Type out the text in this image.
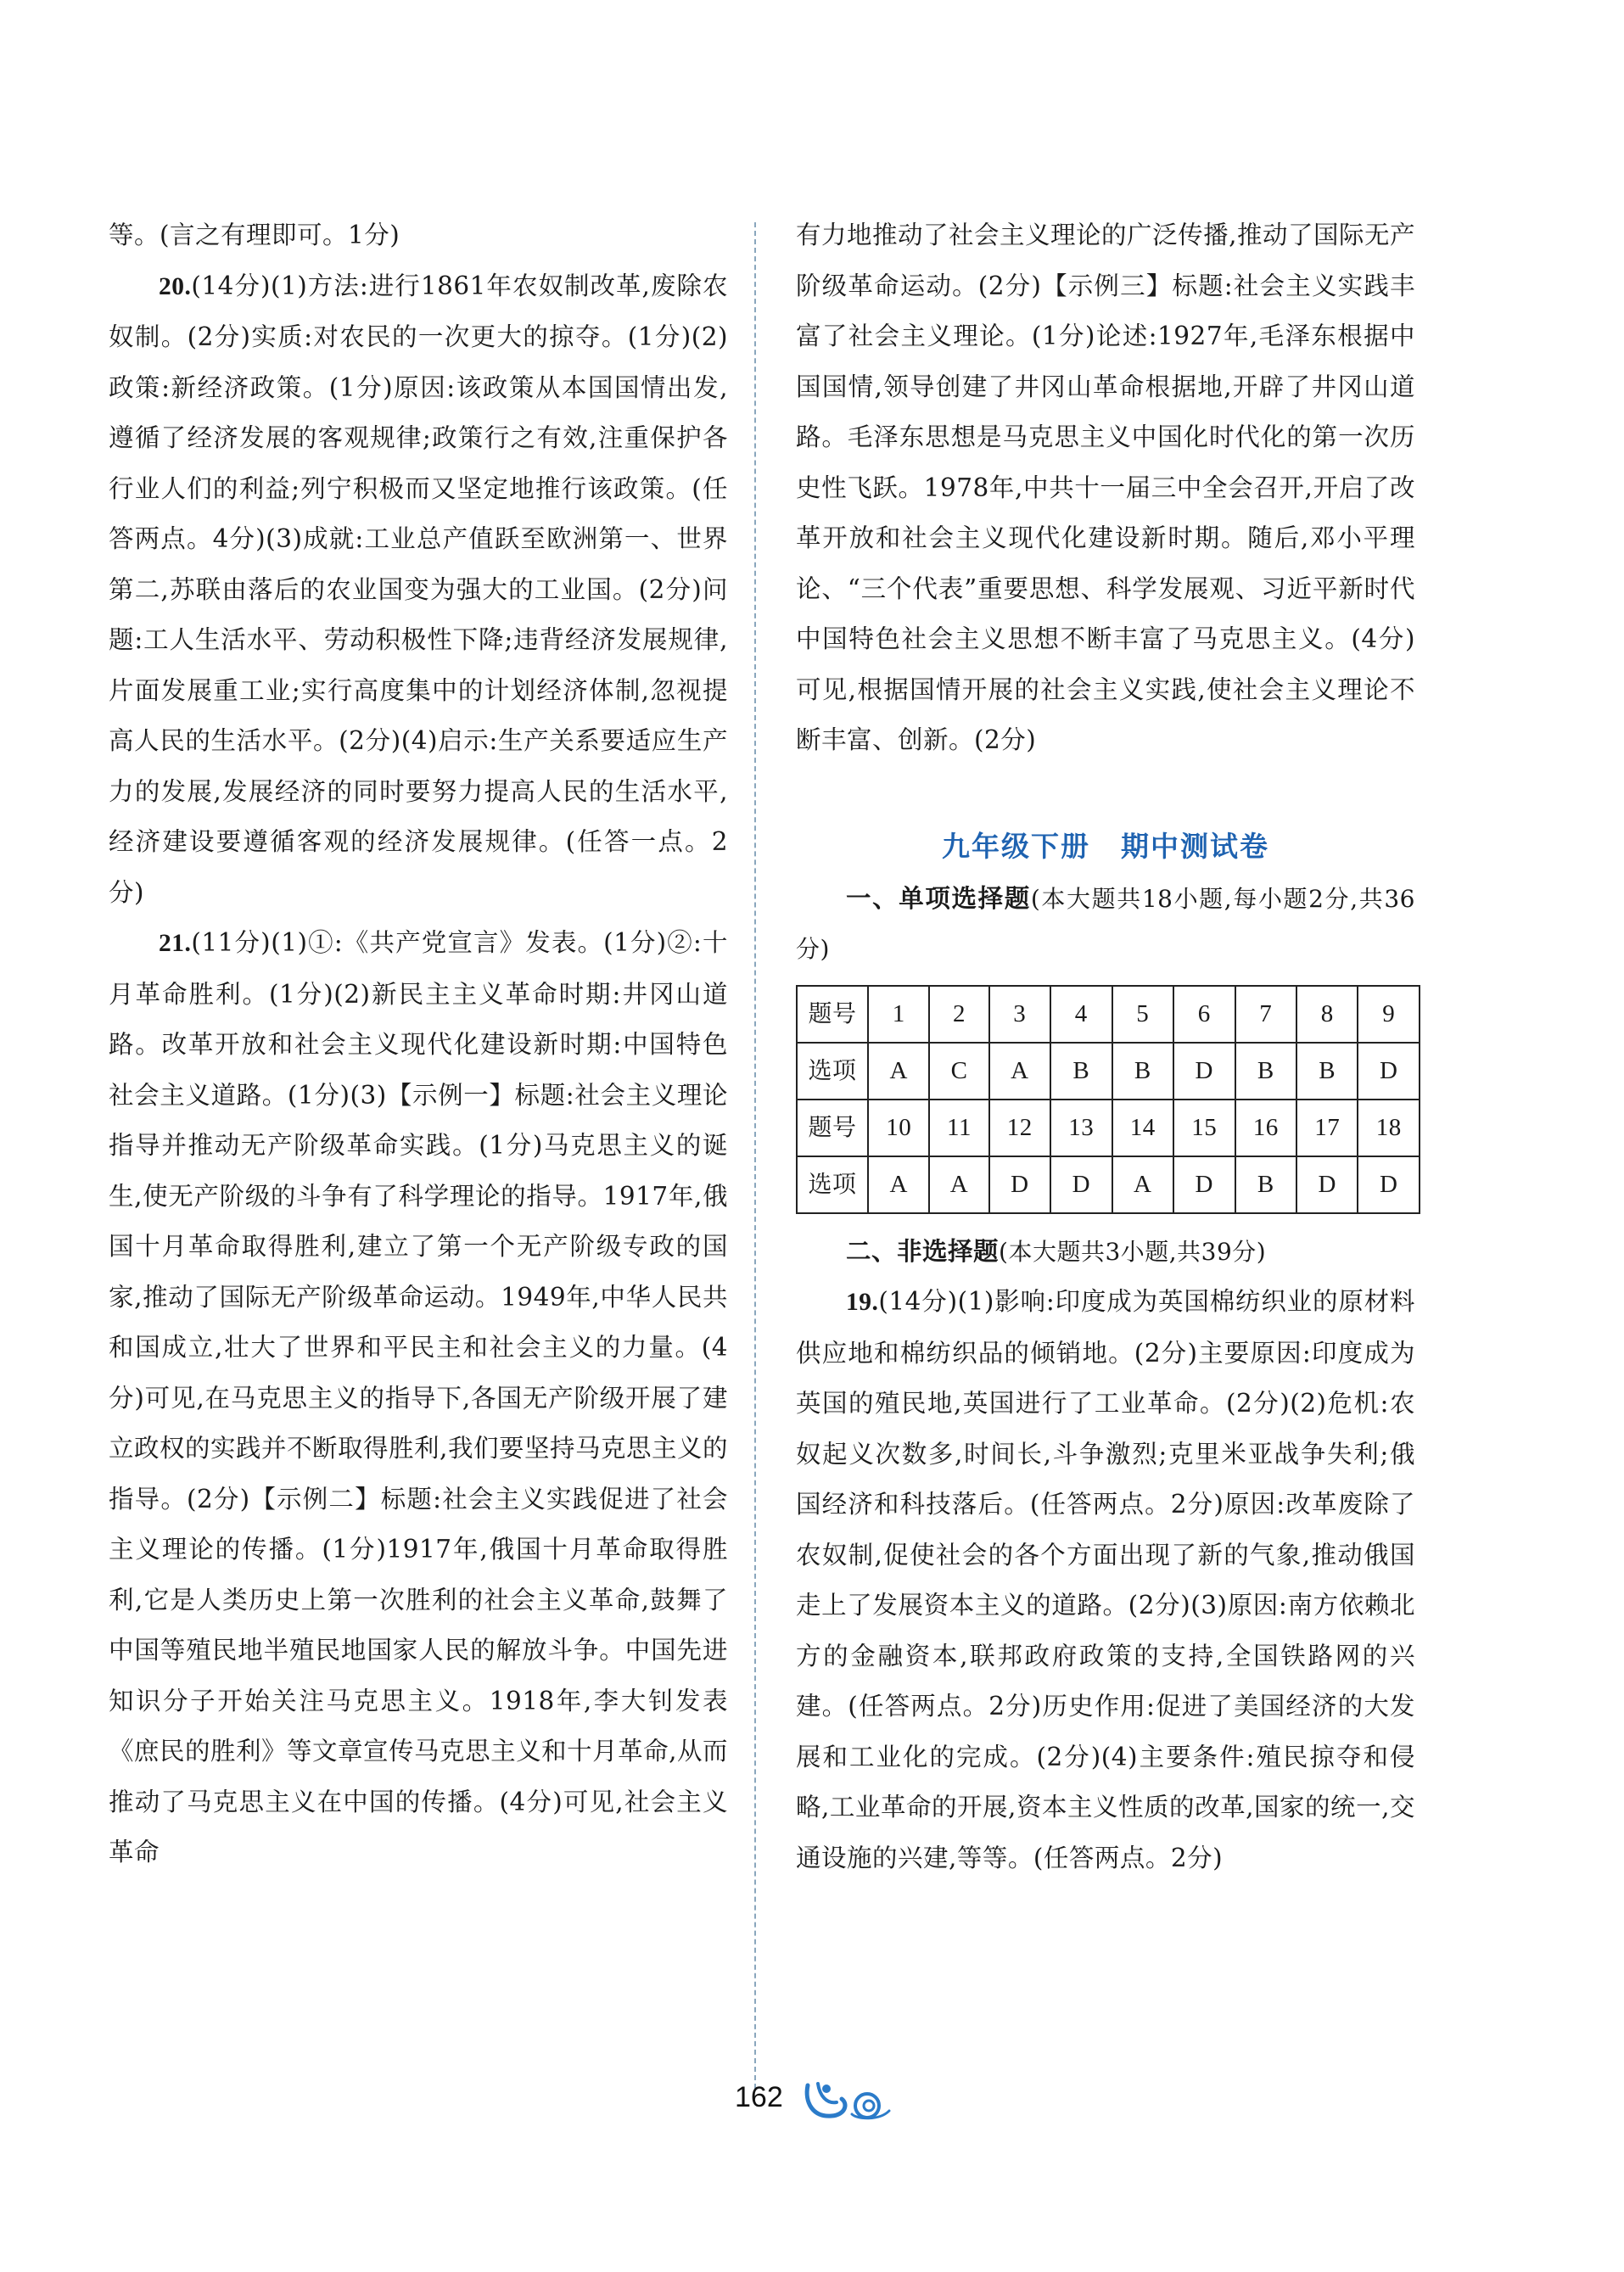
等。(言之有理即可。1分)

20.(14分)(1)方法:进行1861年农奴制改革,废除农奴制。(2分)实质:对农民的一次更大的掠夺。(1分)(2)政策:新经济政策。(1分)原因:该政策从本国国情出发,遵循了经济发展的客观规律;政策行之有效,注重保护各行业人们的利益;列宁积极而又坚定地推行该政策。(任答两点。4分)(3)成就:工业总产值跃至欧洲第一、世界第二,苏联由落后的农业国变为强大的工业国。(2分)问题:工人生活水平、劳动积极性下降;违背经济发展规律,片面发展重工业;实行高度集中的计划经济体制,忽视提高人民的生活水平。(2分)(4)启示:生产关系要适应生产力的发展,发展经济的同时要努力提高人民的生活水平,经济建设要遵循客观的经济发展规律。(任答一点。2分)

21.(11分)(1)①:《共产党宣言》发表。(1分)②:十月革命胜利。(1分)(2)新民主主义革命时期:井冈山道路。改革开放和社会主义现代化建设新时期:中国特色社会主义道路。(1分)(3)【示例一】标题:社会主义理论指导并推动无产阶级革命实践。(1分)马克思主义的诞生,使无产阶级的斗争有了科学理论的指导。1917年,俄国十月革命取得胜利,建立了第一个无产阶级专政的国家,推动了国际无产阶级革命运动。1949年,中华人民共和国成立,壮大了世界和平民主和社会主义的力量。(4分)可见,在马克思主义的指导下,各国无产阶级开展了建立政权的实践并不断取得胜利,我们要坚持马克思主义的指导。(2分)【示例二】标题:社会主义实践促进了社会主义理论的传播。(1分)1917年,俄国十月革命取得胜利,它是人类历史上第一次胜利的社会主义革命,鼓舞了中国等殖民地半殖民地国家人民的解放斗争。中国先进知识分子开始关注马克思主义。1918年,李大钊发表《庶民的胜利》等文章宣传马克思主义和十月革命,从而推动了马克思主义在中国的传播。(4分)可见,社会主义革命

有力地推动了社会主义理论的广泛传播,推动了国际无产阶级革命运动。(2分)【示例三】标题:社会主义实践丰富了社会主义理论。(1分)论述:1927年,毛泽东根据中国国情,领导创建了井冈山革命根据地,开辟了井冈山道路。毛泽东思想是马克思主义中国化时代化的第一次历史性飞跃。1978年,中共十一届三中全会召开,开启了改革开放和社会主义现代化建设新时期。随后,邓小平理论、“三个代表”重要思想、科学发展观、习近平新时代中国特色社会主义思想不断丰富了马克思主义。(4分)可见,根据国情开展的社会主义实践,使社会主义理论不断丰富、创新。(2分)

九年级下册 期中测试卷

一、单项选择题(本大题共18小题,每小题2分,共36分)

题号	1	2	3	4	5	6	7	8	9
选项	A	C	A	B	B	D	B	B	D
题号	10	11	12	13	14	15	16	17	18
选项	A	A	D	D	A	D	B	D	D

二、非选择题(本大题共3小题,共39分)

19.(14分)(1)影响:印度成为英国棉纺织业的原材料供应地和棉纺织品的倾销地。(2分)主要原因:印度成为英国的殖民地,英国进行了工业革命。(2分)(2)危机:农奴起义次数多,时间长,斗争激烈;克里米亚战争失利;俄国经济和科技落后。(任答两点。2分)原因:改革废除了农奴制,促使社会的各个方面出现了新的气象,推动俄国走上了发展资本主义的道路。(2分)(3)原因:南方依赖北方的金融资本,联邦政府政策的支持,全国铁路网的兴建。(任答两点。2分)历史作用:促进了美国经济的大发展和工业化的完成。(2分)(4)主要条件:殖民掠夺和侵略,工业革命的开展,资本主义性质的改革,国家的统一,交通设施的兴建,等等。(任答两点。2分)

162
